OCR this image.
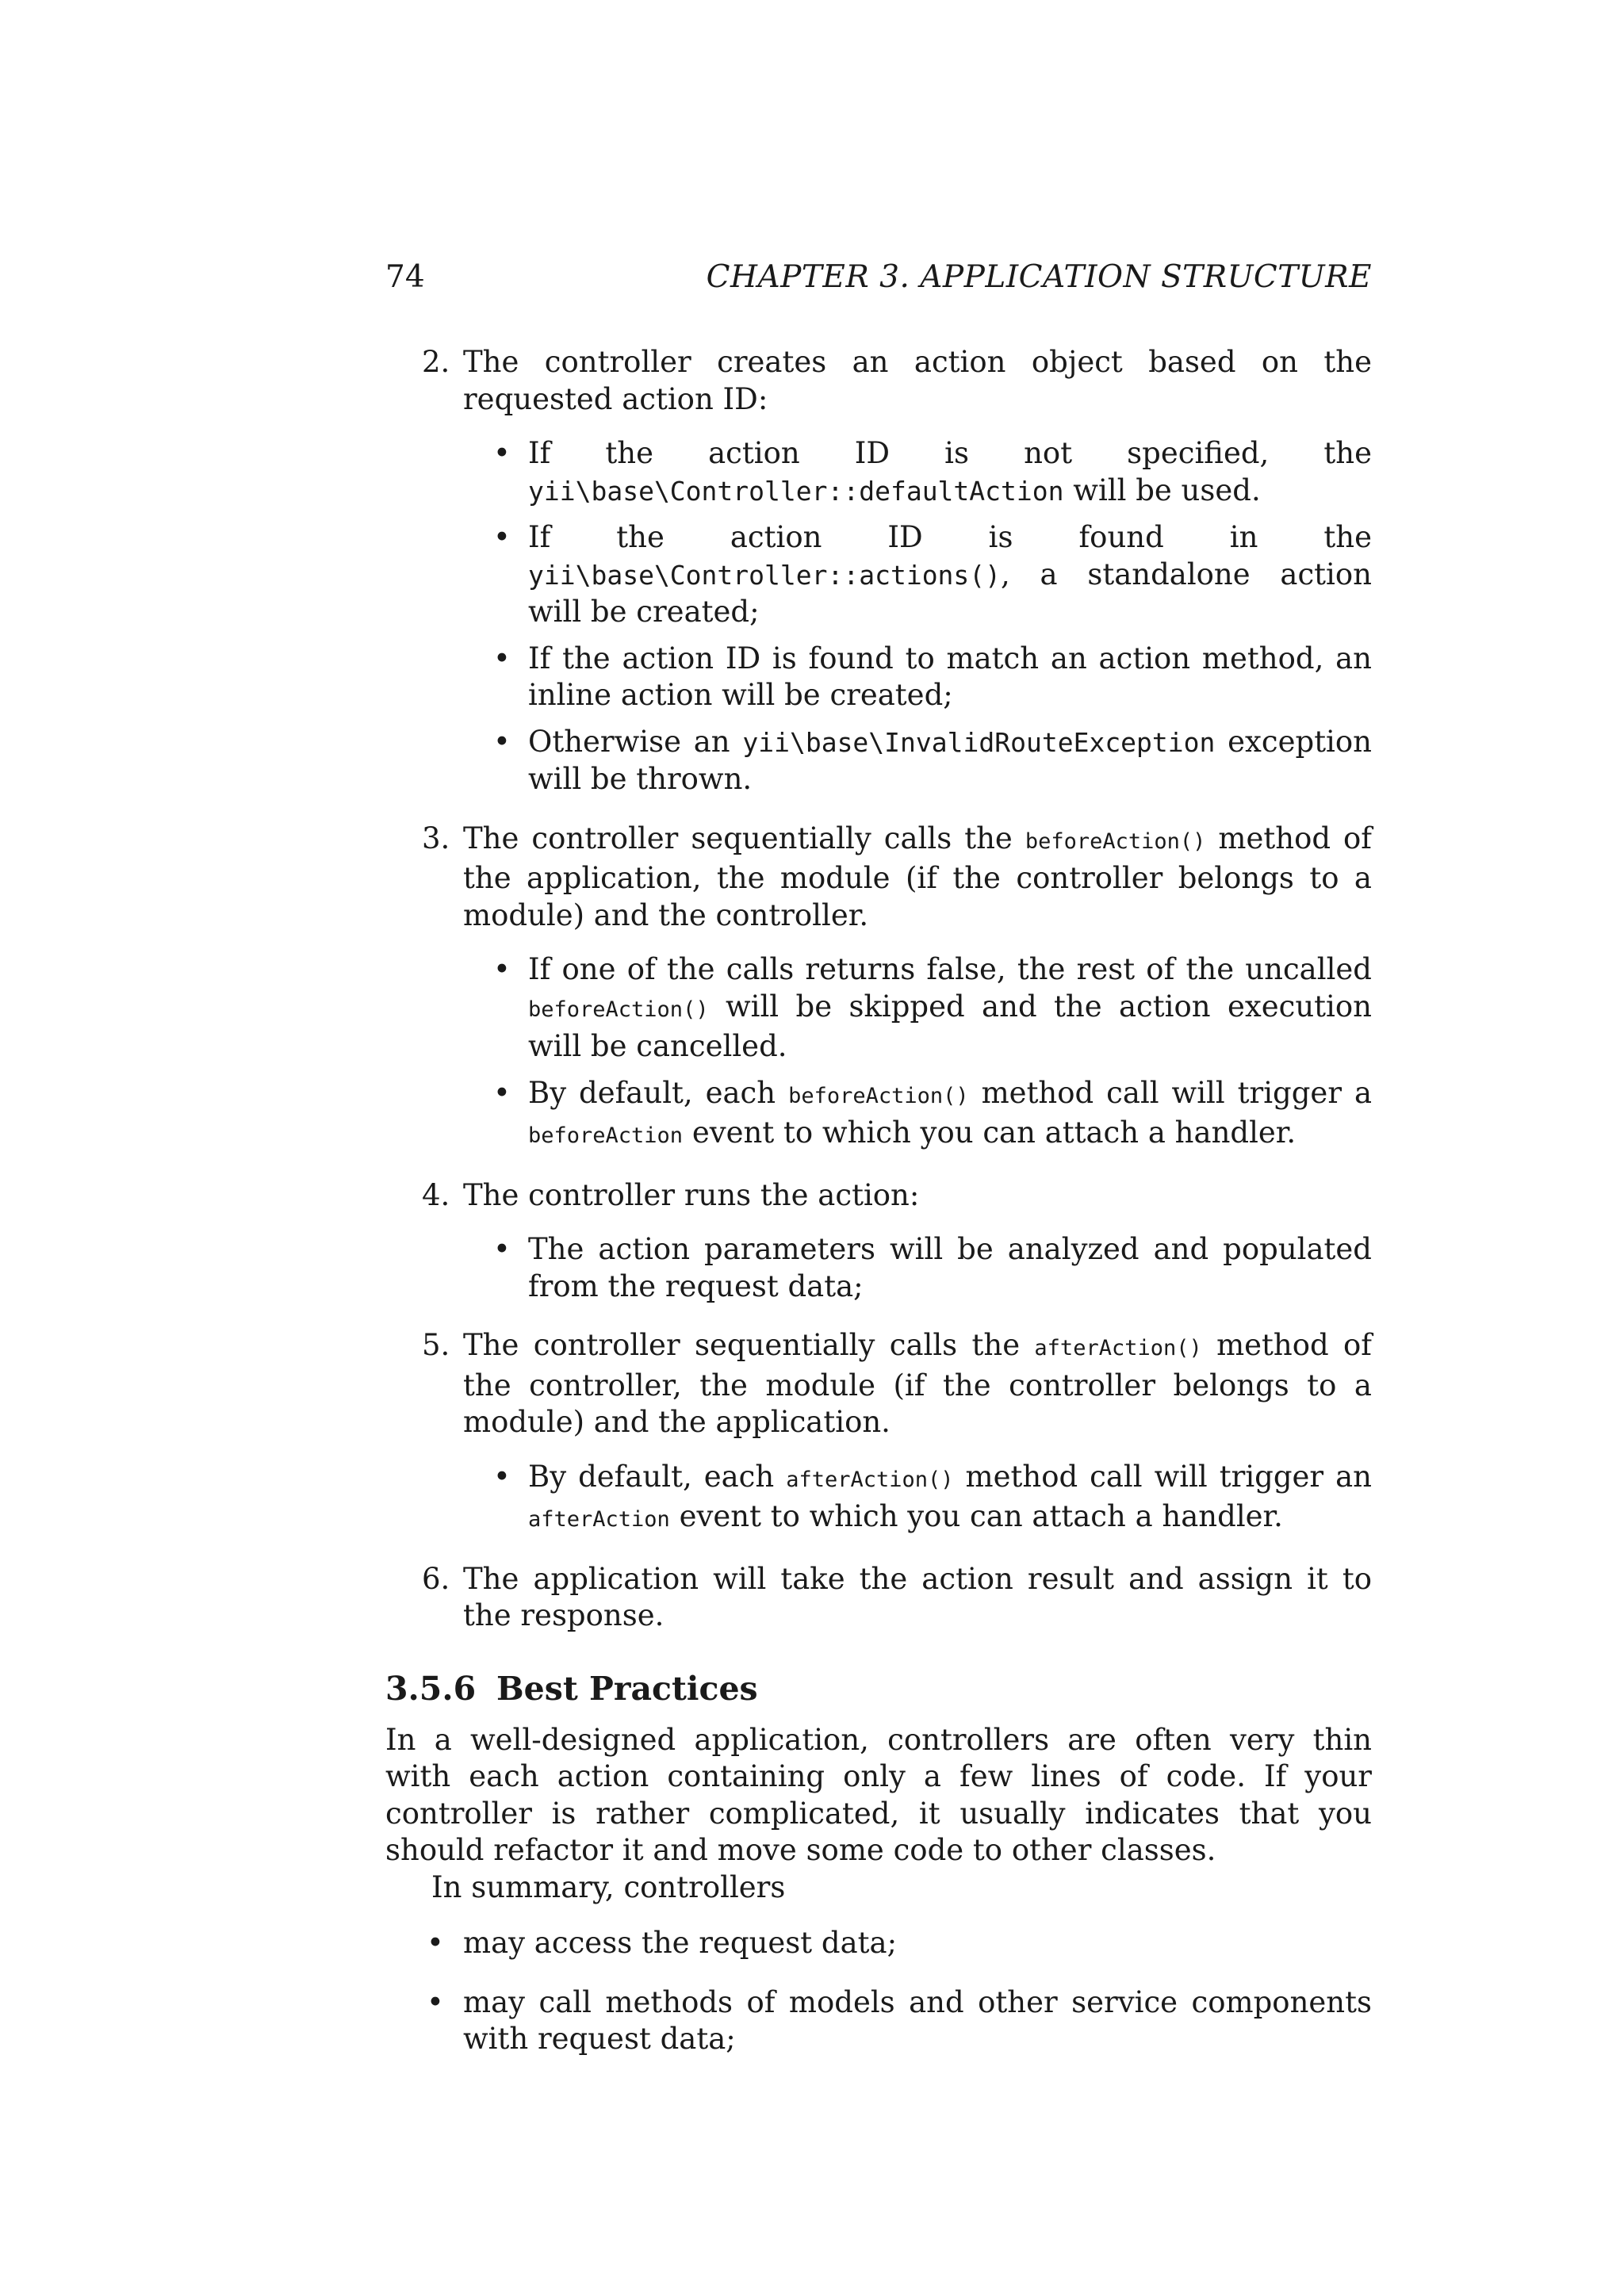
74	CHAPTER 3. APPLICATION STRUCTURE
2. The controller creates an action object based on the requested action ID:
• If the action ID is not specified, the yii\base\Controller::defaultAction will be used.
• If the action ID is found in the yii\base\Controller::actions(), a standalone action will be created;
• If the action ID is found to match an action method, an inline action will be created;
• Otherwise an yii\base\InvalidRouteException exception will be thrown.
3. The controller sequentially calls the beforeAction() method of the application, the module (if the controller belongs to a module) and the controller.
• If one of the calls returns false, the rest of the uncalled beforeAction() will be skipped and the action execution will be cancelled.
• By default, each beforeAction() method call will trigger a beforeAction event to which you can attach a handler.
4. The controller runs the action:
• The action parameters will be analyzed and populated from the request data;
5. The controller sequentially calls the afterAction() method of the controller, the module (if the controller belongs to a module) and the application.
• By default, each afterAction() method call will trigger an afterAction event to which you can attach a handler.
6. The application will take the action result and assign it to the response.
3.5.6 Best Practices
In a well-designed application, controllers are often very thin with each action containing only a few lines of code. If your controller is rather complicated, it usually indicates that you should refactor it and move some code to other classes.
In summary, controllers
• may access the request data;
• may call methods of models and other service components with request data;
